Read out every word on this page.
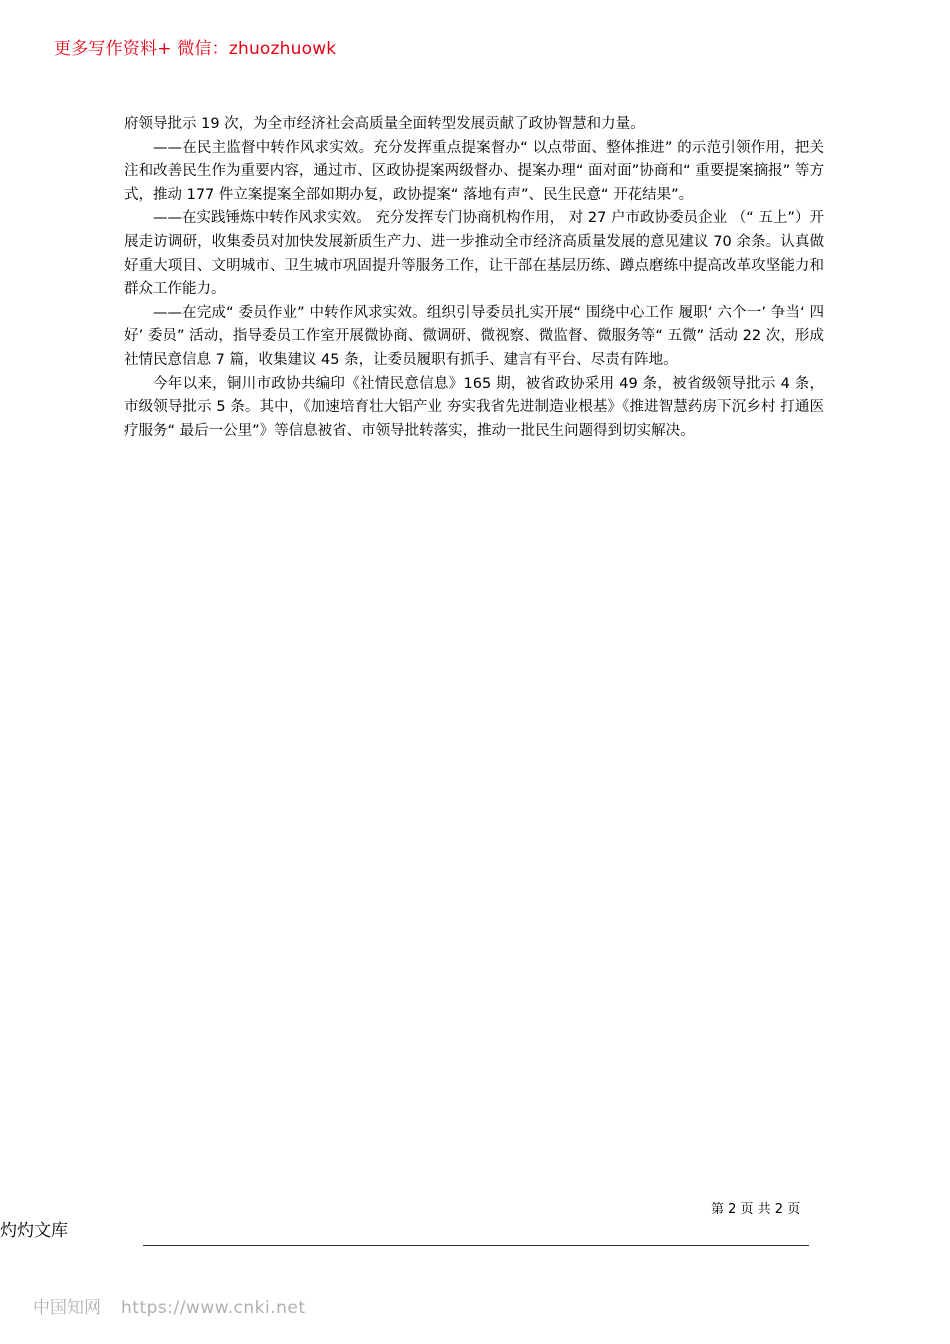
更多写作资料+ 微信：zhuozhuowk

府领导批示 19 次，为全市经济社会高质量全面转型发展贡献了政协智慧和力量。

——在民主监督中转作风求实效。充分发挥重点提案督办“ 以点带面、整体推进” 的示范引领作用，把关注和改善民生作为重要内容，通过市、区政协提案两级督办、提案办理“ 面对面”协商和“ 重要提案摘报” 等方式，推动 177 件立案提案全部如期办复，政协提案“ 落地有声”、民生民意“ 开花结果”。

——在实践锤炼中转作风求实效。 充分发挥专门协商机构作用， 对 27 户市政协委员企业 （“ 五上”）开展走访调研，收集委员对加快发展新质生产力、进一步推动全市经济高质量发展的意见建议 70 余条。认真做好重大项目、文明城市、卫生城市巩固提升等服务工作，让干部在基层历练、蹲点磨练中提高改革攻坚能力和群众工作能力。

——在完成“ 委员作业” 中转作风求实效。组织引导委员扎实开展“ 围绕中心工作 履职‘ 六个一’ 争当‘ 四好’ 委员” 活动，指导委员工作室开展微协商、微调研、微视察、微监督、微服务等“ 五微” 活动 22 次，形成社情民意信息 7 篇，收集建议 45 条，让委员履职有抓手、建言有平台、尽责有阵地。

今年以来，铜川市政协共编印《社情民意信息》165 期，被省政协采用 49 条，被省级领导批示 4 条，市级领导批示 5 条。其中，《加速培育壮大铝产业 夯实我省先进制造业根基》《推进智慧药房下沉乡村 打通医疗服务“ 最后一公里”》等信息被省、市领导批转落实，推动一批民生问题得到切实解决。

第 2 页 共 2 页
灼灼文库
中国知网 https://www.cnki.net
